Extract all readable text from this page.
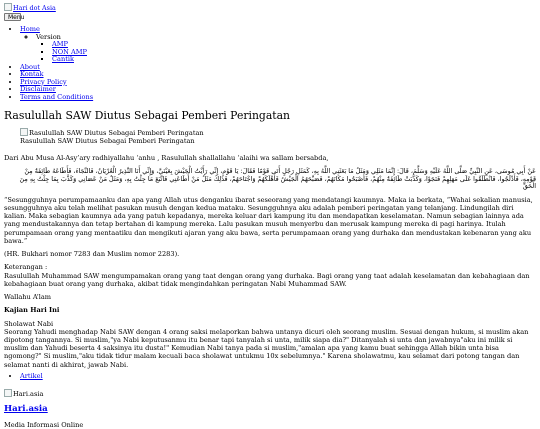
Hari dot Asia
Menu
• Home
◦ Version
▪ AMP
▪ NON AMP
▪ Cantik
• About
• Kontak
• Privacy Policy
• Disclaimer
• Terms and Conditions
Rasulullah SAW Diutus Sebagai Pemberi Peringatan
Rasulullah SAW Diutus Sebagai Pemberi Peringatan
Rasulullah SAW Diutus Sebagai Pemberi Peringatan

Dari Abu Musa Al-Asy’ary radhiyallahu ‘anhu , Rasulullah shallallahu ‘alaihi wa sallam bersabda,

عَنْ أَبِي مُوسَى، عَنِ النَّبِيِّ صَلَّى اللَّهُ عَلَيْهِ وَسَلَّمَ، قَالَ: إِنَّمَا مَثَلِي وَمَثَلُ مَا بَعَثَنِي اللَّهُ بِهِ، كَمَثَلِ رَجُلٍ أَتَى قَوْمًا فَقَالَ: يَا قَوْمِ، إِنِّي رَأَيْتُ الْجَيْشَ بِعَيْنَيَّ، وَإِنِّي أَنَا النَّذِيرُ الْعُرْيَانُ، فَالنَّجَاءَ، فَأَطَاعَهُ طَائِفَةٌ مِنْ
قَوْمِهِ، فَأَدْلَجُوا، فَانْطَلَقُوا عَلَى مَهَلِهِمْ فَنَجَوْا، وَكَذَّبَتْ طَائِفَةٌ مِنْهُمْ، فَأَصْبَحُوا مَكَانَهُمْ، فَصَبَّحَهُمُ الْجَيْشُ فَأَهْلَكَهُمْ وَاجْتَاحَهُمْ، فَذَلِكَ مَثَلُ مَنْ أَطَاعَنِي فَاتَّبَعَ مَا جِئْتُ بِهِ، وَمَثَلُ مَنْ عَصَانِي وَكَذَّبَ بِمَا جِئْتُ بِهِ مِنَ
الْحَقِّ

“Sesungguhnya perumpamaanku dan apa yang Allah utus denganku ibarat seseorang yang mendatangi kaumnya. Maka ia berkata, “Wahai sekalian manusia, sesungguhnya aku telah melihat pasukan musuh dengan kedua mataku. Sesungguhnya aku adalah pemberi peringatan yang telanjang. Lindungilah diri kalian. Maka sebagian kaumnya ada yang patuh kepadanya, mereka keluar dari kampung itu dan mendapatkan keselamatan. Namun sebagian lainnya ada yang mendustakannya dan tetap bertahan di kampung mereka. Lalu pasukan musuh menyerbu dan merusak kampung mereka di pagi harinya. Itulah perumpamaan orang yang mentaatiku dan mengikuti ajaran yang aku bawa, serta perumpamaan orang yang durhaka dan mendustakan kebenaran yang aku bawa.”

(HR. Bukhari nomor 7283 dan Muslim nomor 2283).

Keterangan :

Rasulullah Muhammad SAW mengumpamakan orang yang taat dengan orang yang durhaka. Bagi orang yang taat adalah keselamatan dan kebahagiaan dan kebahagiaan buat orang yang durhaka, akibat tidak mengindahkan peringatan Nabi Muhammad SAW.

Wallahu A’lam

Kajian Hari Ini

Sholawat Nabi

Seorang Yahudi menghadap Nabi SAW dengan 4 orang saksi melaporkan bahwa untanya dicuri oleh seorang muslim. Sesuai dengan hukum, si muslim akan dipotong tangannya. Si muslim,"ya Nabi keputusanmu itu benar tapi tanyalah si unta, milik siapa dia?" Ditanyalah si unta dan jawabnya"aku ini milik si muslim dan Yahudi beserta 4 saksinya itu dusta!" Kemudian Nabi tanya pada si muslim,"amalan apa yang kamu buat sehingga Allah bikin unta bisa ngomong?" Si muslim,"aku tidak tidur malam kecuali baca sholawat untukmu 10x sebelumnya." Karena sholawatmu, kau selamat dari potong tangan dan selamat nanti di akhirat, jawab Nabi.

• Artikel
Hari.asia
Hari.asia

Media Informasi Online
